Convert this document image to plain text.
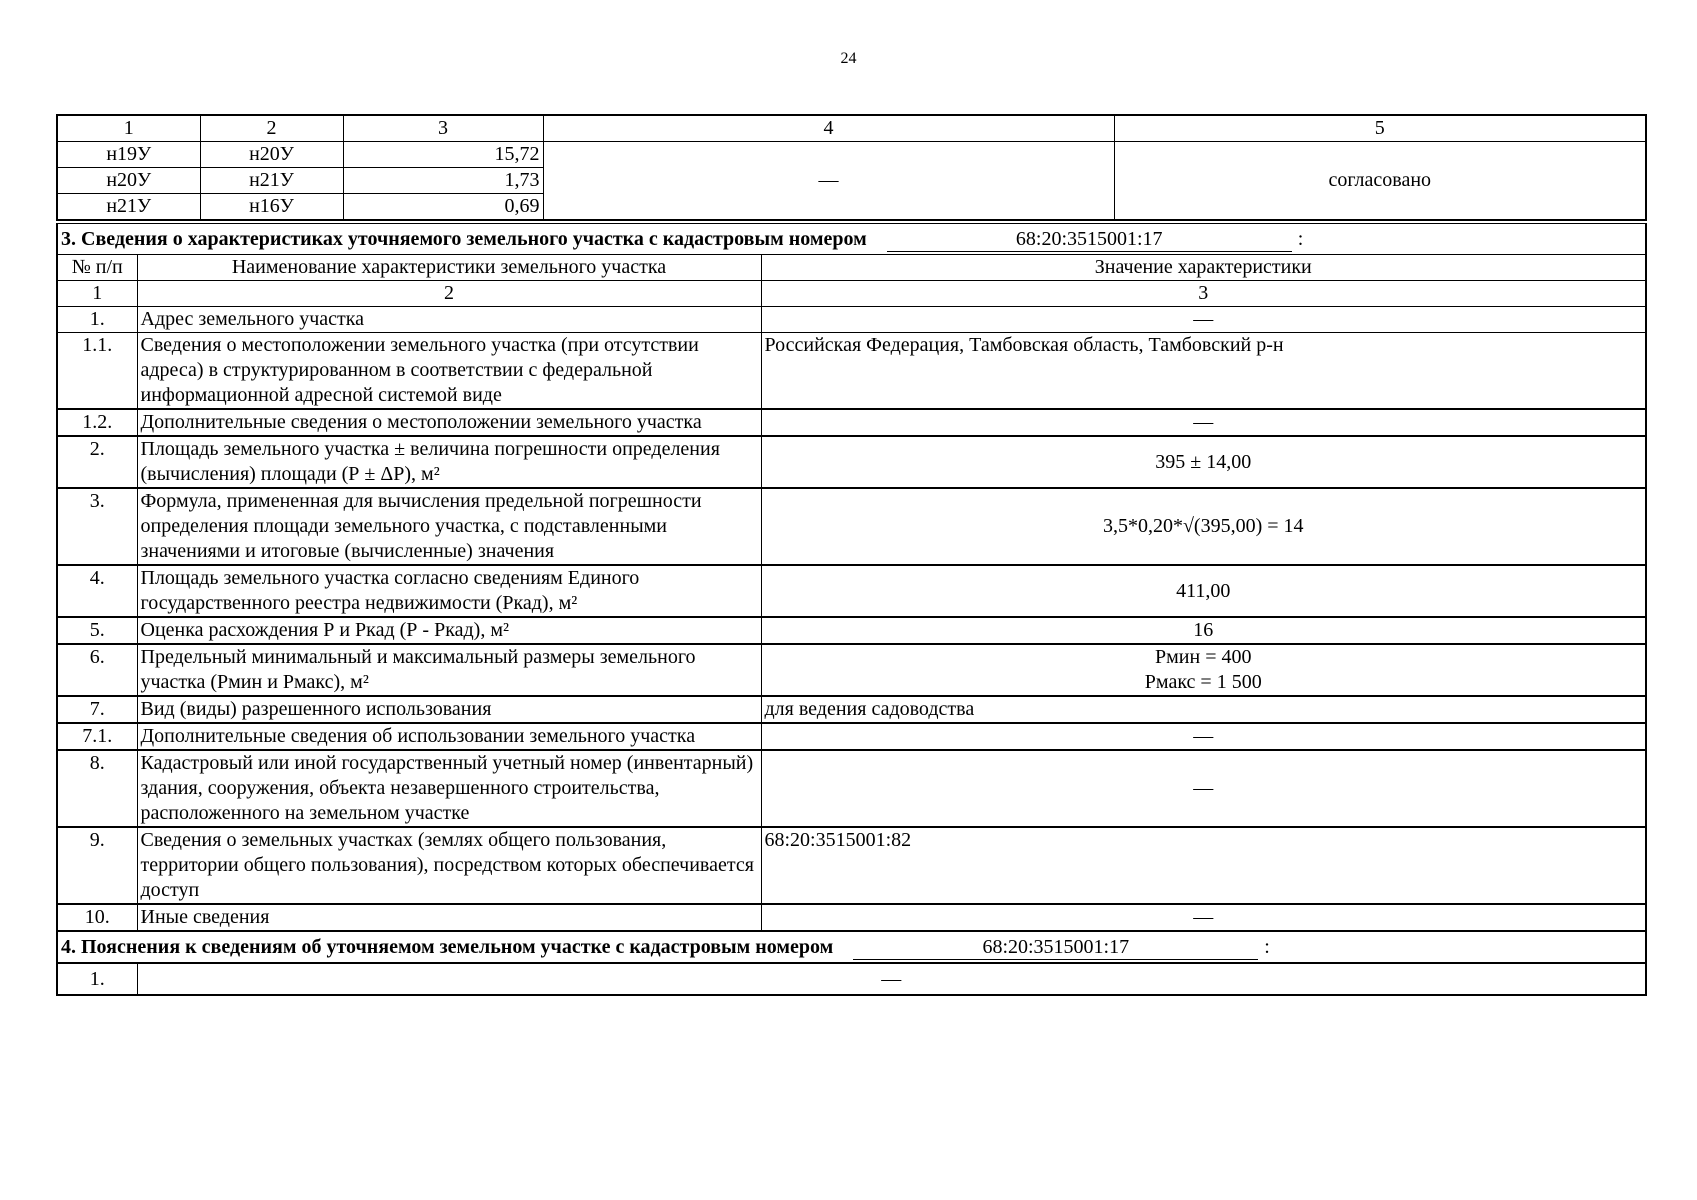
24
1	2	3	4	5
н19У	н20У	15,72	—	согласовано
н20У	н21У	1,73		
н21У	н16У	0,69		
3. Сведения о характеристиках уточняемого земельного участка с кадастровым номером 68:20:3515001:17 :		
№ п/п	Наименование характеристики земельного участка	Значение характеристики
1	2	3
1.	Адрес земельного участка	—
1.1.	Сведения о местоположении земельного участка (при отсутствии адреса) в структурированном в соответствии с федеральной информационной адресной системой виде	Российская Федерация, Тамбовская область, Тамбовский р-н
1.2.	Дополнительные сведения о местоположении земельного участка	—
2.	Площадь земельного участка ± величина погрешности определения (вычисления) площади (Р ± ΔР), м²	395 ± 14,00
3.	Формула, примененная для вычисления предельной погрешности определения площади земельного участка, с подставленными значениями и итоговые (вычисленные) значения	3,5*0,20*√(395,00) = 14
4.	Площадь земельного участка согласно сведениям Единого государственного реестра недвижимости (Ркад), м²	411,00
5.	Оценка расхождения Р и Ркад (Р - Ркад), м²	16
6.	Предельный минимальный и максимальный размеры земельного участка (Рмин и Рмакс), м²	Рмин = 400
Рмакс = 1 500

7.	Вид (виды) разрешенного использования	для ведения садоводства
7.1.	Дополнительные сведения об использовании земельного участка	—
8.	Кадастровый или иной государственный учетный номер (инвентарный) здания, сооружения, объекта незавершенного строительства, расположенного на земельном участке	—
9.	Сведения о земельных участках (землях общего пользования, территории общего пользования), посредством которых обеспечивается доступ	68:20:3515001:82
10.	Иные сведения	—
4. Пояснения к сведениям об уточняемом земельном участке с кадастровым номером 68:20:3515001:17 :		
1.	—	
